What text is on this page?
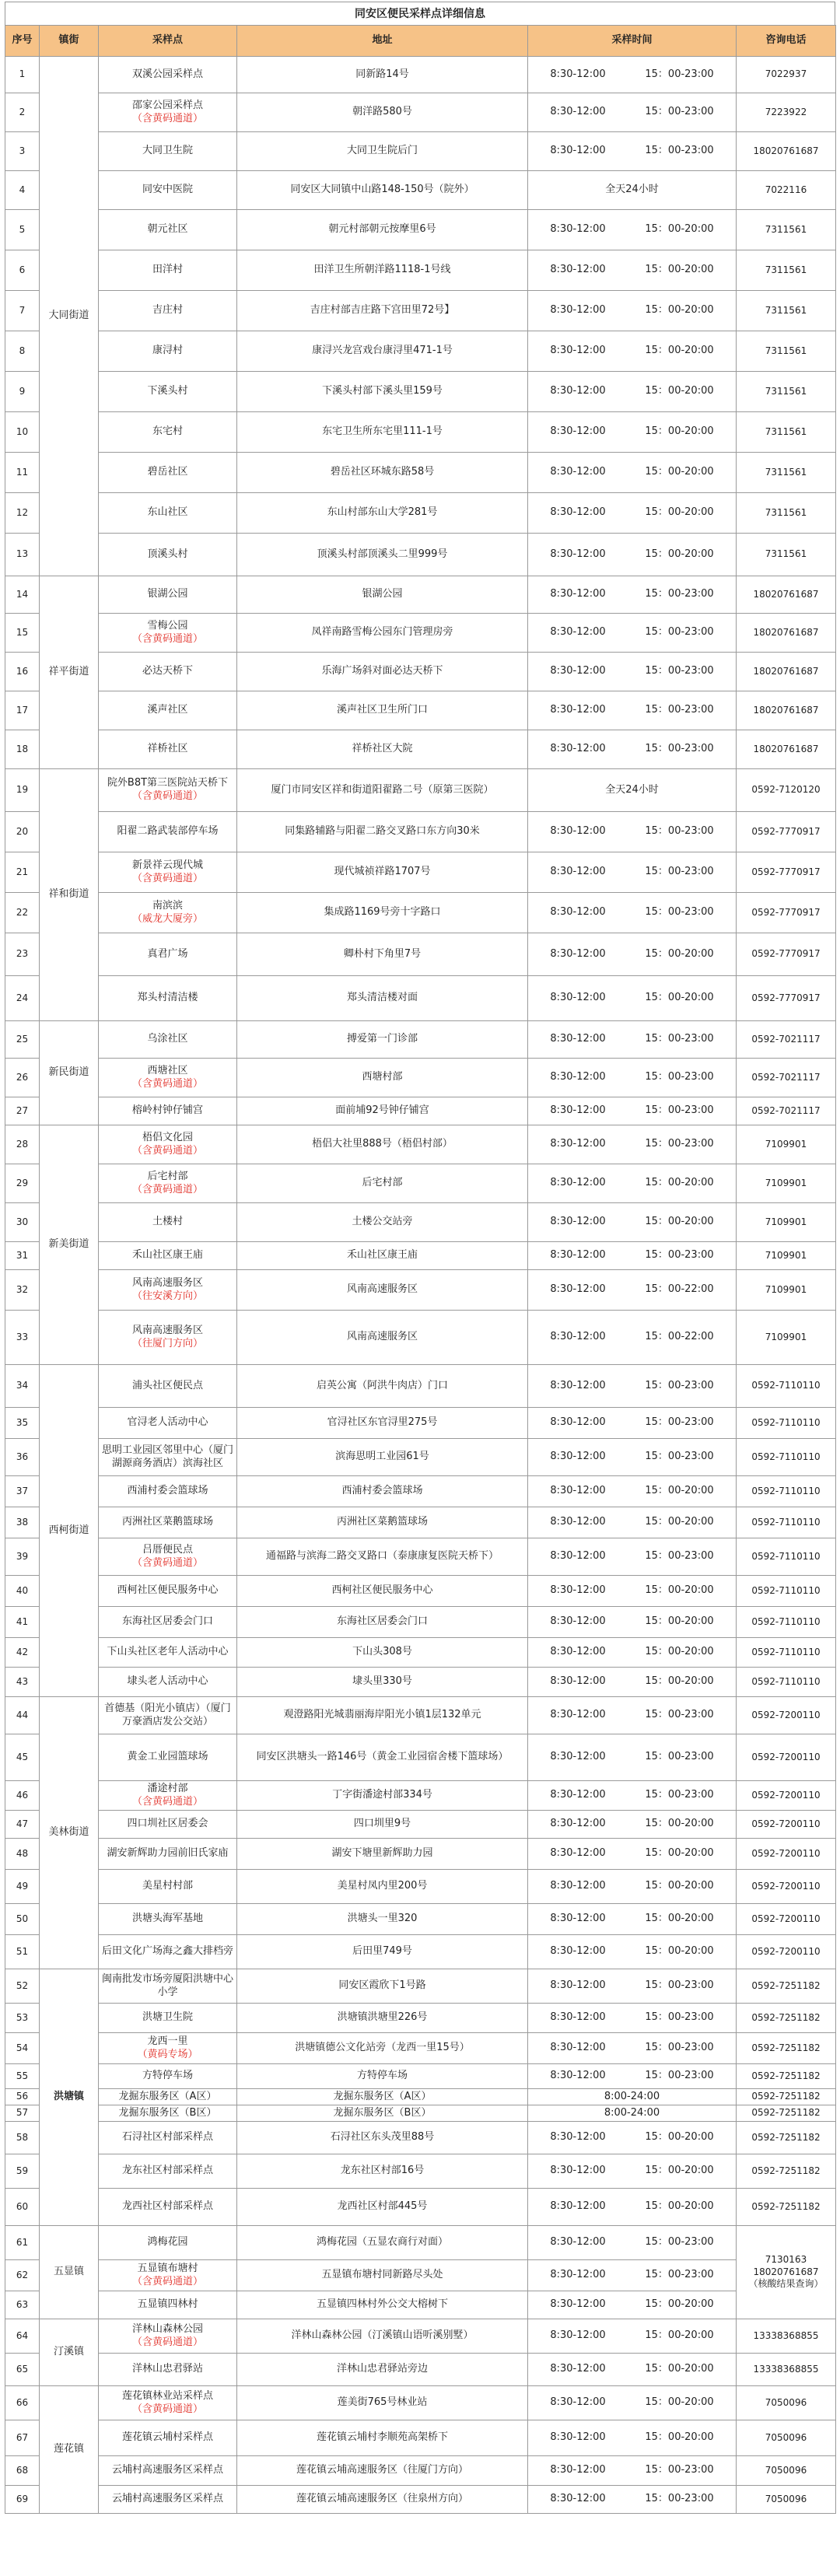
同安区便民采样点详细信息
序号	镇街	采样点	地址	采样时间	咨询电话
1	大同街道	双溪公园采样点	同新路14号	8:30-12:00 15：00-23:00	7022937
2		邵家公园采样点
（含黄码通道）	朝洋路580号	8:30-12:00 15：00-23:00	7223922
3		大同卫生院	大同卫生院后门	8:30-12:00 15：00-23:00	18020761687
4		同安中医院	同安区大同镇中山路148-150号（院外）	全天24小时	7022116
5		朝元社区	朝元村部朝元按摩里6号	8:30-12:00 15：00-20:00	7311561
6		田洋村	田洋卫生所朝洋路1118-1号线	8:30-12:00 15：00-20:00	7311561
7		吉庄村	吉庄村部吉庄路下宫田里72号】	8:30-12:00 15：00-20:00	7311561
8		康浔村	康浔兴龙宫戏台康浔里471-1号	8:30-12:00 15：00-20:00	7311561
9		下溪头村	下溪头村部下溪头里159号	8:30-12:00 15：00-20:00	7311561
10		东宅村	东宅卫生所东宅里111-1号	8:30-12:00 15：00-20:00	7311561
11		碧岳社区	碧岳社区环城东路58号	8:30-12:00 15：00-20:00	7311561
12		东山社区	东山村部东山大学281号	8:30-12:00 15：00-20:00	7311561
13		顶溪头村	顶溪头村部顶溪头二里999号	8:30-12:00 15：00-20:00	7311561
14	祥平街道	银湖公园	银湖公园	8:30-12:00 15：00-23:00	18020761687
15		雪梅公园
（含黄码通道）	凤祥南路雪梅公园东门管理房旁	8:30-12:00 15：00-23:00	18020761687
16		必达天桥下	乐海广场斜对面必达天桥下	8:30-12:00 15：00-23:00	18020761687
17		溪声社区	溪声社区卫生所门口	8:30-12:00 15：00-23:00	18020761687
18		祥桥社区	祥桥社区大院	8:30-12:00 15：00-23:00	18020761687
19	祥和街道	院外B8T第三医院站天桥下
（含黄码通道）	厦门市同安区祥和街道阳翟路二号（原第三医院）	全天24小时	0592-7120120
20		阳翟二路武装部停车场	同集路辅路与阳翟二路交叉路口东方向30米	8:30-12:00 15：00-23:00	0592-7770917
21		新景祥云现代城
（含黄码通道）	现代城祯祥路1707号	8:30-12:00 15：00-23:00	0592-7770917
22		南滨滨
（威龙大厦旁）	集成路1169号旁十字路口	8:30-12:00 15：00-23:00	0592-7770917
23		真君广场	卿朴村下角里7号	8:30-12:00 15：00-20:00	0592-7770917
24		郑头村清洁楼	郑头清洁楼对面	8:30-12:00 15：00-20:00	0592-7770917
25	新民街道	乌涂社区	搏爱第一门诊部	8:30-12:00 15：00-23:00	0592-7021117
26		西塘社区
（含黄码通道）	西塘村部	8:30-12:00 15：00-23:00	0592-7021117
27		榕岭村钟仔铺宫	面前埔92号钟仔铺宫	8:30-12:00 15：00-23:00	0592-7021117
28	新美街道	梧侣文化园
（含黄码通道）	梧侣大社里888号（梧侣村部）	8:30-12:00 15：00-23:00	7109901
29		后宅村部
（含黄码通道）	后宅村部	8:30-12:00 15：00-20:00	7109901
30		土楼村	土楼公交站旁	8:30-12:00 15：00-20:00	7109901
31		禾山社区康王庙	禾山社区康王庙	8:30-12:00 15：00-23:00	7109901
32		风南高速服务区
（往安溪方向）	风南高速服务区	8:30-12:00 15：00-22:00	7109901
33		风南高速服务区
（往厦门方向）	风南高速服务区	8:30-12:00 15：00-22:00	7109901
34	西柯街道	浦头社区便民点	启英公寓（阿洪牛肉店）门口	8:30-12:00 15：00-23:00	0592-7110110
35		官浔老人活动中心	官浔社区东官浔里275号	8:30-12:00 15：00-23:00	0592-7110110
36		思明工业园区邻里中心（厦门湖源商务酒店）滨海社区	滨海思明工业园61号	8:30-12:00 15：00-23:00	0592-7110110
37		西浦村委会篮球场	西浦村委会篮球场	8:30-12:00 15：00-20:00	0592-7110110
38		丙洲社区菜鹅篮球场	丙洲社区菜鹅篮球场	8:30-12:00 15：00-20:00	0592-7110110
39		吕厝便民点
（含黄码通道）	通福路与滨海二路交叉路口（泰康康复医院天桥下）	8:30-12:00 15：00-23:00	0592-7110110
40		西柯社区便民服务中心	西柯社区便民服务中心	8:30-12:00 15：00-20:00	0592-7110110
41		东海社区居委会门口	东海社区居委会门口	8:30-12:00 15：00-20:00	0592-7110110
42		下山头社区老年人活动中心	下山头308号	8:30-12:00 15：00-20:00	0592-7110110
43		埭头老人活动中心	埭头里330号	8:30-12:00 15：00-20:00	0592-7110110
44	美林街道	首德基（阳光小镇店）（厦门万豪酒店发公交站）	观澄路阳光城翡丽海岸阳光小镇1层132单元	8:30-12:00 15：00-23:00	0592-7200110
45		黄金工业园篮球场	同安区洪塘头一路146号（黄金工业园宿舍楼下篮球场）	8:30-12:00 15：00-23:00	0592-7200110
46		潘途村部
（含黄码通道）	丁字街潘途村部334号	8:30-12:00 15：00-23:00	0592-7200110
47		四口圳社区居委会	四口圳里9号	8:30-12:00 15：00-20:00	0592-7200110
48		湖安新辉助力园前旧氏家庙	湖安下塘里新辉助力园	8:30-12:00 15：00-20:00	0592-7200110
49		美星村村部	美星村凤内里200号	8:30-12:00 15：00-20:00	0592-7200110
50		洪塘头海军基地	洪塘头一里320	8:30-12:00 15：00-20:00	0592-7200110
51		后田文化广场海之鑫大排档旁	后田里749号	8:30-12:00 15：00-20:00	0592-7200110
52	洪塘镇	闽南批发市场旁厦阳洪塘中心小学	同安区霞欣下1号路	8:30-12:00 15：00-23:00	0592-7251182
53		洪塘卫生院	洪塘镇洪塘里226号	8:30-12:00 15：00-23:00	0592-7251182
54		龙西一里
（黄码专场）	洪塘镇德公文化站旁（龙西一里15号）	8:30-12:00 15：00-23:00	0592-7251182
55		方特停车场	方特停车场	8:30-12:00 15：00-23:00	0592-7251182
56		龙掘东服务区（A区）	龙掘东服务区（A区）	8:00-24:00	0592-7251182
57		龙掘东服务区（B区）	龙掘东服务区（B区）	8:00-24:00	0592-7251182
58		石浔社区村部采样点	石浔社区东头茂里88号	8:30-12:00 15：00-20:00	0592-7251182
59		龙东社区村部采样点	龙东社区村部16号	8:30-12:00 15：00-20:00	0592-7251182
60		龙西社区村部采样点	龙西社区村部445号	8:30-12:00 15：00-20:00	0592-7251182
61	五显镇	鸿梅花园	鸿梅花园（五显农商行对面）	8:30-12:00 15：00-23:00	7130163
18020761687
（核酸结果查询）

62		五显镇布塘村
（含黄码通道）	五显镇布塘村同新路尽头处	8:30-12:00 15：00-23:00	

63		五显镇四林村	五显镇四林村外公交大榕树下	8:30-12:00 15：00-20:00	

64	汀溪镇	洋林山森林公园
（含黄码通道）	洋林山森林公园（汀溪镇山语听溪别墅）	8:30-12:00 15：00-20:00	13338368855
65		洋林山忠君驿站	洋林山忠君驿站旁边	8:30-12:00 15：00-20:00	13338368855
66	莲花镇	莲花镇林业站采样点
（含黄码通道）	莲美街765号林业站	8:30-12:00 15：00-20:00	7050096
67		莲花镇云埔村采样点	莲花镇云埔村李顺苑高架桥下	8:30-12:00 15：00-20:00	7050096
68		云埔村高速服务区采样点	莲花镇云埔高速服务区（往厦门方向）	8:30-12:00 15：00-23:00	7050096
69		云埔村高速服务区采样点	莲花镇云埔高速服务区（往泉州方向）	8:30-12:00 15：00-23:00	7050096
